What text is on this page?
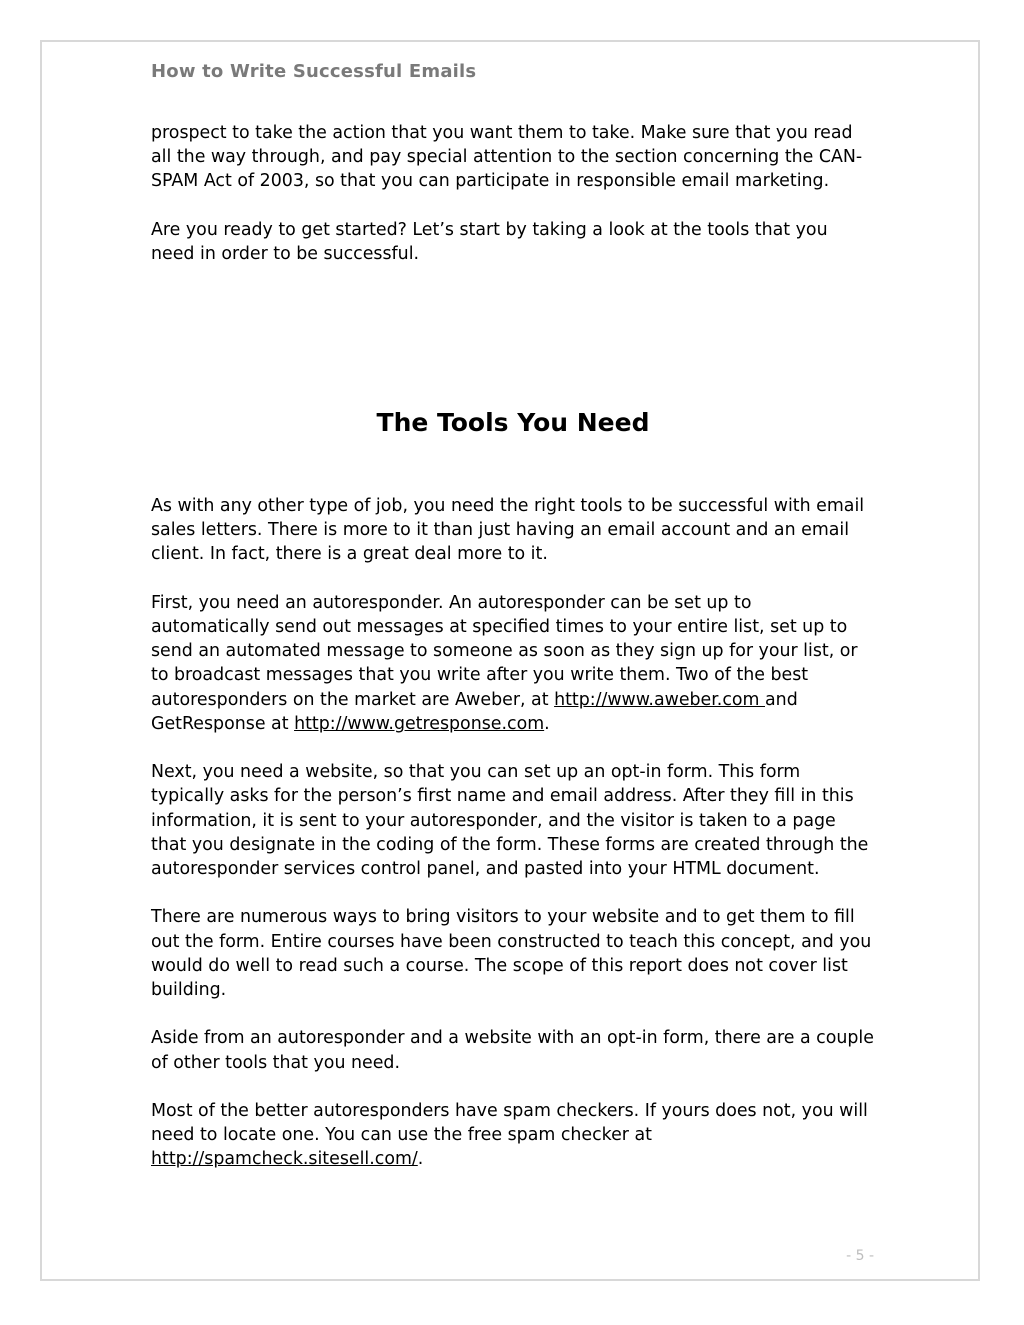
How to Write Successful Emails

prospect to take the action that you want them to take. Make sure that you read all the way through, and pay special attention to the section concerning the CAN-SPAM Act of 2003, so that you can participate in responsible email marketing.

Are you ready to get started? Let’s start by taking a look at the tools that you need in order to be successful.

The Tools You Need

As with any other type of job, you need the right tools to be successful with email sales letters. There is more to it than just having an email account and an email client. In fact, there is a great deal more to it.

First, you need an autoresponder. An autoresponder can be set up to automatically send out messages at specified times to your entire list, set up to send an automated message to someone as soon as they sign up for your list, or to broadcast messages that you write after you write them. Two of the best autoresponders on the market are Aweber, at http://www.aweber.com and GetResponse at http://www.getresponse.com.

Next, you need a website, so that you can set up an opt-in form. This form typically asks for the person’s first name and email address. After they fill in this information, it is sent to your autoresponder, and the visitor is taken to a page that you designate in the coding of the form. These forms are created through the autoresponder services control panel, and pasted into your HTML document.

There are numerous ways to bring visitors to your website and to get them to fill out the form. Entire courses have been constructed to teach this concept, and you would do well to read such a course. The scope of this report does not cover list building.

Aside from an autoresponder and a website with an opt-in form, there are a couple of other tools that you need.

Most of the better autoresponders have spam checkers. If yours does not, you will need to locate one. You can use the free spam checker at http://spamcheck.sitesell.com/.

- 5 -
